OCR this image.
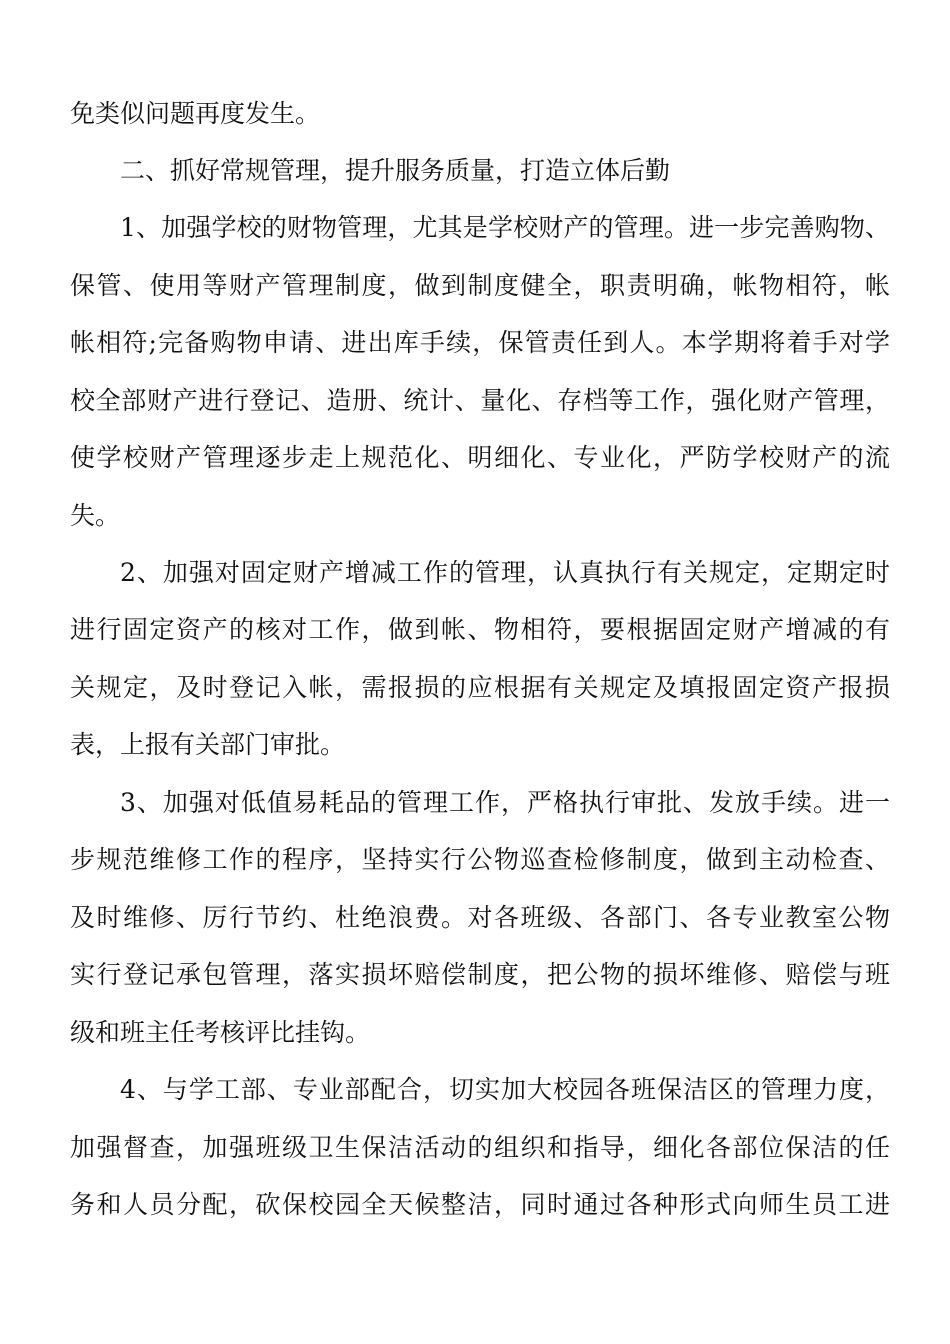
免类似问题再度发生。
二、抓好常规管理，提升服务质量，打造立体后勤
1、加强学校的财物管理，尤其是学校财产的管理。进一步完善购物、
保管、使用等财产管理制度，做到制度健全，职责明确，帐物相符，帐
帐相符;完备购物申请、进出库手续，保管责任到人。本学期将着手对学
校全部财产进行登记、造册、统计、量化、存档等工作，强化财产管理，
使学校财产管理逐步走上规范化、明细化、专业化，严防学校财产的流
失。
2、加强对固定财产增减工作的管理，认真执行有关规定，定期定时
进行固定资产的核对工作，做到帐、物相符，要根据固定财产增减的有
关规定，及时登记入帐，需报损的应根据有关规定及填报固定资产报损
表，上报有关部门审批。
3、加强对低值易耗品的管理工作，严格执行审批、发放手续。进一
步规范维修工作的程序，坚持实行公物巡查检修制度，做到主动检查、
及时维修、厉行节约、杜绝浪费。对各班级、各部门、各专业教室公物
实行登记承包管理，落实损坏赔偿制度，把公物的损坏维修、赔偿与班
级和班主任考核评比挂钩。
4、与学工部、专业部配合，切实加大校园各班保洁区的管理力度，
加强督查，加强班级卫生保洁活动的组织和指导，细化各部位保洁的任
务和人员分配，砍保校园全天候整洁，同时通过各种形式向师生员工进
